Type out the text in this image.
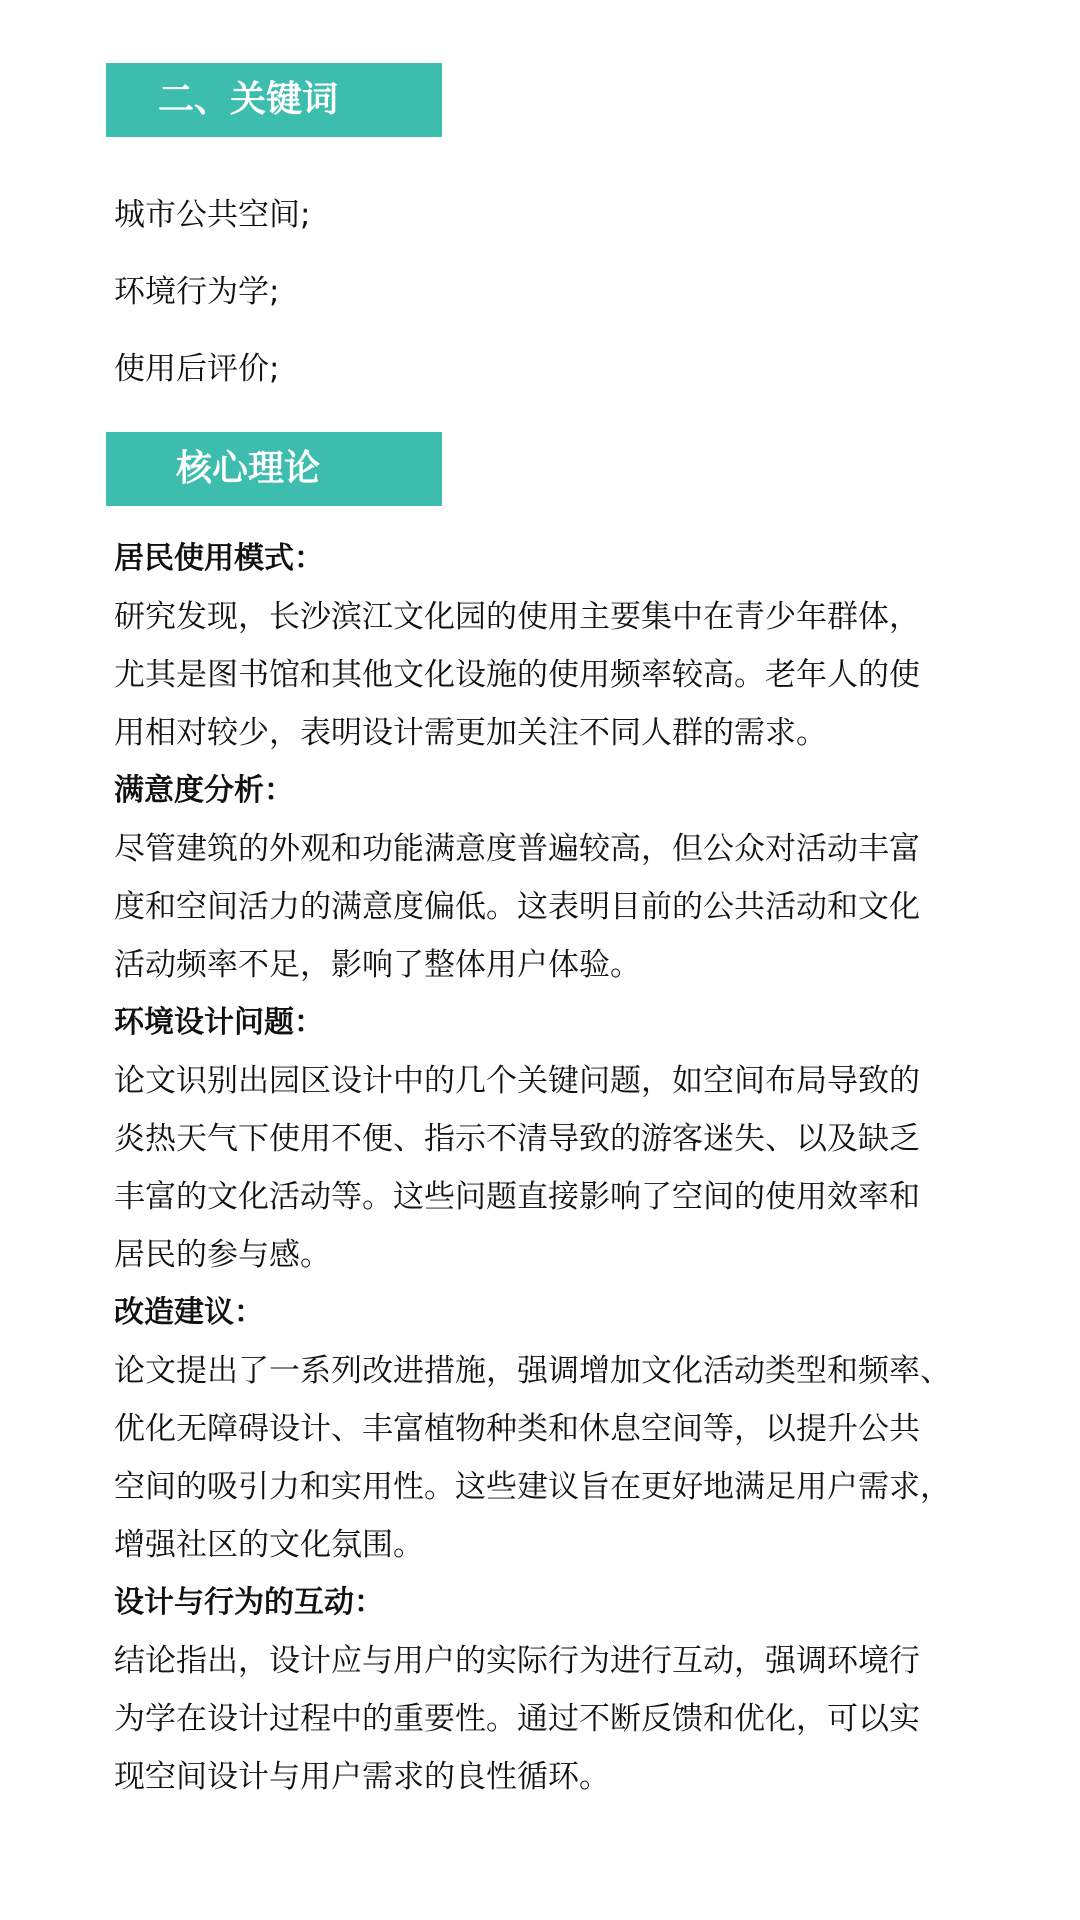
二、关键词
城市公共空间;
环境行为学;
使用后评价;
核心理论
居民使用模式：
研究发现，长沙滨江文化园的使用主要集中在青少年群体，
尤其是图书馆和其他文化设施的使用频率较高。老年人的使
用相对较少，表明设计需更加关注不同人群的需求。
满意度分析：
尽管建筑的外观和功能满意度普遍较高，但公众对活动丰富
度和空间活力的满意度偏低。这表明目前的公共活动和文化
活动频率不足，影响了整体用户体验。
环境设计问题：
论文识别出园区设计中的几个关键问题，如空间布局导致的
炎热天气下使用不便、指示不清导致的游客迷失、以及缺乏
丰富的文化活动等。这些问题直接影响了空间的使用效率和
居民的参与感。
改造建议：
论文提出了一系列改进措施，强调增加文化活动类型和频率、
优化无障碍设计、丰富植物种类和休息空间等，以提升公共
空间的吸引力和实用性。这些建议旨在更好地满足用户需求，
增强社区的文化氛围。
设计与行为的互动：
结论指出，设计应与用户的实际行为进行互动，强调环境行
为学在设计过程中的重要性。通过不断反馈和优化，可以实
现空间设计与用户需求的良性循环。
